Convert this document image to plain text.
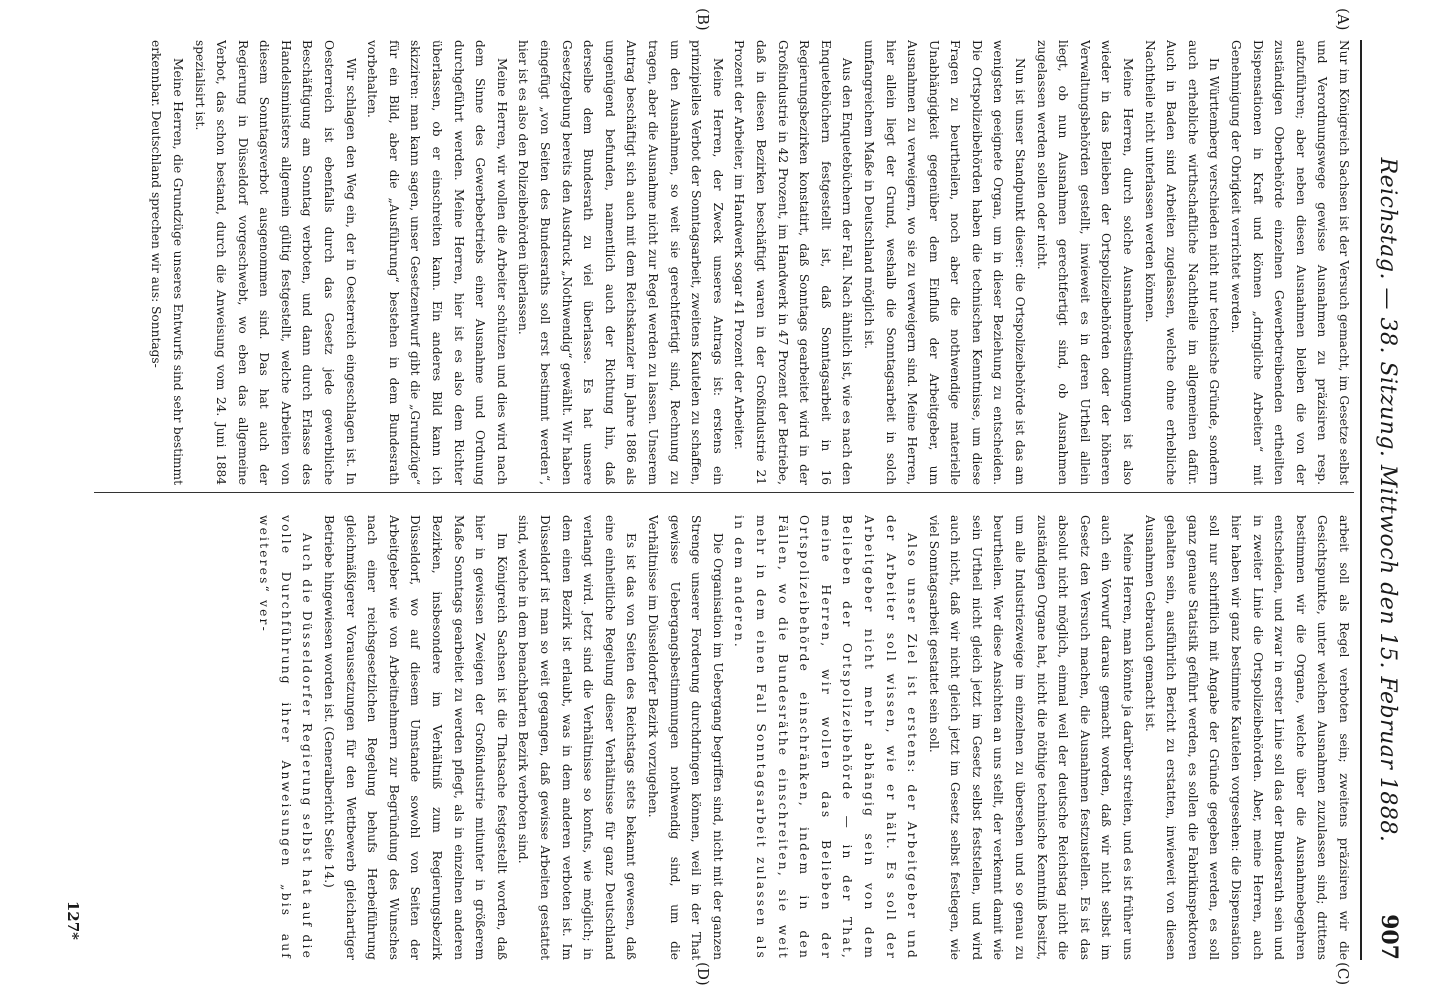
Reichstag. — 38. Sitzung. Mittwoch den 15. Februar 1888.
907
(A)
(B)
(C)
(D)

Nur im Königreich Sachsen ist der Versuch gemacht, im Gesetze selbst und Verordnungswege gewisse Ausnahmen zu präzisiren resp. aufzuführen; aber neben diesen Ausnahmen bleiben die von der zuständigen Oberbehörde einzelnen Gewerbetreibenden ertheilten Dispensationen in Kraft und können „dringliche Arbeiten“ mit Genehmigung der Obrigkeit verrichtet werden.

In Württemberg verschieden nicht nur technische Gründe, sondern auch erhebliche wirthschaftliche Nachtheile im allgemeinen dafür. Auch in Baden sind Arbeiten zugelassen, welche ohne erhebliche Nachtheile nicht unterlassen werden können.

Meine Herren, durch solche Ausnahmebestimmungen ist also wieder in das Belieben der Ortspolizeibehörden oder der höheren Verwaltungsbehörden gestellt, inwieweit es in deren Urtheil allein liegt, ob nun Ausnahmen gerechtfertigt sind, ob Ausnahmen zugelassen werden sollen oder nicht.

Nun ist unser Standpunkt dieser: die Ortspolizeibehörde ist das am wenigsten geeignete Organ, um in dieser Beziehung zu entscheiden. Die Ortspolizeibehörden haben die technischen Kenntnisse, um diese Fragen zu beurtheilen, noch aber die nothwendige materielle Unabhängigkeit gegenüber dem Einfluß der Arbeitgeber, um Ausnahmen zu verweigern, wo sie zu verweigern sind. Meine Herren, hier allein liegt der Grund, weshalb die Sonntagsarbeit in solch umfangreichem Maße in Deutschland möglich ist.

Aus den Enquetebüchern der Fall. Nach ähnlich ist, wie es nach den Enquetebüchern festgestellt ist, daß Sonntagsarbeit in 16 Regierungsbezirken konstatirt, daß Sonntags gearbeitet wird in der Großindustrie in 42 Prozent, im Handwerk in 47 Prozent der Betriebe, daß in diesen Bezirken beschäftigt waren in der Großindustrie 21 Prozent der Arbeiter, im Handwerk sogar 41 Prozent der Arbeiter.

Meine Herren, der Zweck unseres Antrags ist: erstens ein prinzipielles Verbot der Sonntagsarbeit, zweitens Kautelen zu schaffen, um den Ausnahmen, so weit sie gerechtfertigt sind, Rechnung zu tragen, aber die Ausnahme nicht zur Regel werden zu lassen. Unserem Antrag beschäftigt sich auch mit dem Reichskanzler im Jahre 1886 als ungenügend befunden, namentlich auch der Richtung hin, daß derselbe dem Bundesrath zu viel überlasse. Es hat unsere Gesetzgebung bereits den Ausdruck „Nothwendig“ gewählt. Wir haben eingefügt „von Seiten des Bundesraths soll erst bestimmt werden“, hier ist es also den Polizeibehörden überlassen.

Meine Herren, wir wollen die Arbeiter schützen und dies wird nach dem Sinne des Gewerbebetriebs einer Ausnahme und Ordnung durchgeführt werden. Meine Herren, hier ist es also dem Richter überlassen, ob er einschreiten kann. Ein anderes Bild kann ich skizziren: man kann sagen, unser Gesetzentwurf gibt die „Grundzüge“ für ein Bild, aber die „Ausführung“ bestehen in dem Bundesrath vorbehalten.

Wir schlagen den Weg ein, der in Oesterreich eingeschlagen ist. In Oesterreich ist ebenfalls durch das Gesetz jede gewerbliche Beschäftigung am Sonntag verboten, und dann durch Erlasse des Handelsministers allgemein gültig festgestellt, welche Arbeiten von diesem Sonntagsverbot ausgenommen sind. Das hat auch der Regierung in Düsseldorf vorgeschwebt, wo eben das allgemeine Verbot, das schon bestand, durch die Anweisung vom 24. Juni 1884 spezialisirt ist.

Meine Herren, die Grundzüge unseres Entwurfs sind sehr bestimmt erkennbar. Deutschland sprechen wir aus: Sonntags-

arbeit soll als Regel verboten sein; zweitens präzisiren wir die Gesichtspunkte, unter welchen Ausnahmen zuzulassen sind; drittens bestimmen wir die Organe, welche über die Ausnahmebegehren entscheiden, und zwar in erster Linie soll das der Bundesrath sein und in zweiter Linie die Ortspolizeibehörden. Aber, meine Herren, auch hier haben wir ganz bestimmte Kautelen vorgesehen: die Dispensation soll nur schriftlich mit Angabe der Gründe gegeben werden, es soll ganz genaue Statistik geführt werden, es sollen die Fabrikinspektoren gehalten sein, ausführlich Bericht zu erstatten, inwieweit von diesen Ausnahmen Gebrauch gemacht ist.

Meine Herren, man könnte ja darüber streiten, und es ist früher uns auch ein Vorwurf daraus gemacht worden, daß wir nicht selbst im Gesetz den Versuch machen, die Ausnahmen festzustellen. Es ist das absolut nicht möglich, einmal weil der deutsche Reichstag nicht die zuständigen Organe hat, nicht die nöthige technische Kenntniß besitzt, um alle Industriezweige im einzelnen zu übersehen und so genau zu beurtheilen. Wer diese Ansichten an uns stellt, der verkennt damit wie sein Urtheil nicht gleich jetzt im Gesetz selbst feststellen, und wird auch nicht, daß wir nicht gleich jetzt im Gesetz selbst festlegen, wie viel Sonntagsarbeit gestattet sein soll.

Also unser Ziel ist erstens: der Arbeitgeber und der Arbeiter soll wissen, wie er hält. Es soll der Arbeitgeber nicht mehr abhängig sein von dem Belieben der Ortspolizeibehörde — in der That, meine Herren, wir wollen das Belieben der Ortspolizeibehörde einschränken, indem in den Fällen, wo die Bundesräthe einschreiten, sie weit mehr in dem einen Fall Sonntagsarbeit zulassen als in dem anderen.

Die Organisation im Uebergang begriffen sind, nicht mit der ganzen Strenge unserer Forderung durchdringen können, weil in der That gewisse Uebergangsbestimmungen nothwendig sind, um die Verhältnisse im Düsseldorfer Bezirk vorzugehen.

Es ist das von Seiten des Reichstags stets bekannt gewesen, daß eine einheitliche Regelung dieser Verhältnisse für ganz Deutschland verlangt wird. Jetzt sind die Verhältnisse so konfus, wie möglich; in dem einen Bezirk ist erlaubt, was in dem anderen verboten ist. Im Düsseldorf ist man so weit gegangen, daß gewisse Arbeiten gestattet sind, welche in dem benachbarten Bezirk verboten sind.

Im Königreich Sachsen ist die Thatsache festgestellt worden, daß hier in gewissen Zweigen der Großindustrie mitunter in größerem Maße Sonntags gearbeitet zu werden pflegt, als in einzelnen anderen Bezirken, insbesondere im Verhältniß zum Regierungsbezirk Düsseldorf, wo auf diesem Umstande sowohl von Seiten der Arbeitgeber wie von Arbeitnehmern zur Begründung des Wunsches nach einer reichsgesetzlichen Regelung behufs Herbeiführung gleichmäßigerer Voraussetzungen für den Wettbewerb gleichartiger Betriebe hingewiesen worden ist. (Generalbericht Seite 14.)

Auch die Düsseldorfer Regierung selbst hat auf die volle Durchführung ihrer Anweisungen „bis auf weiteres“ ver-

127*
